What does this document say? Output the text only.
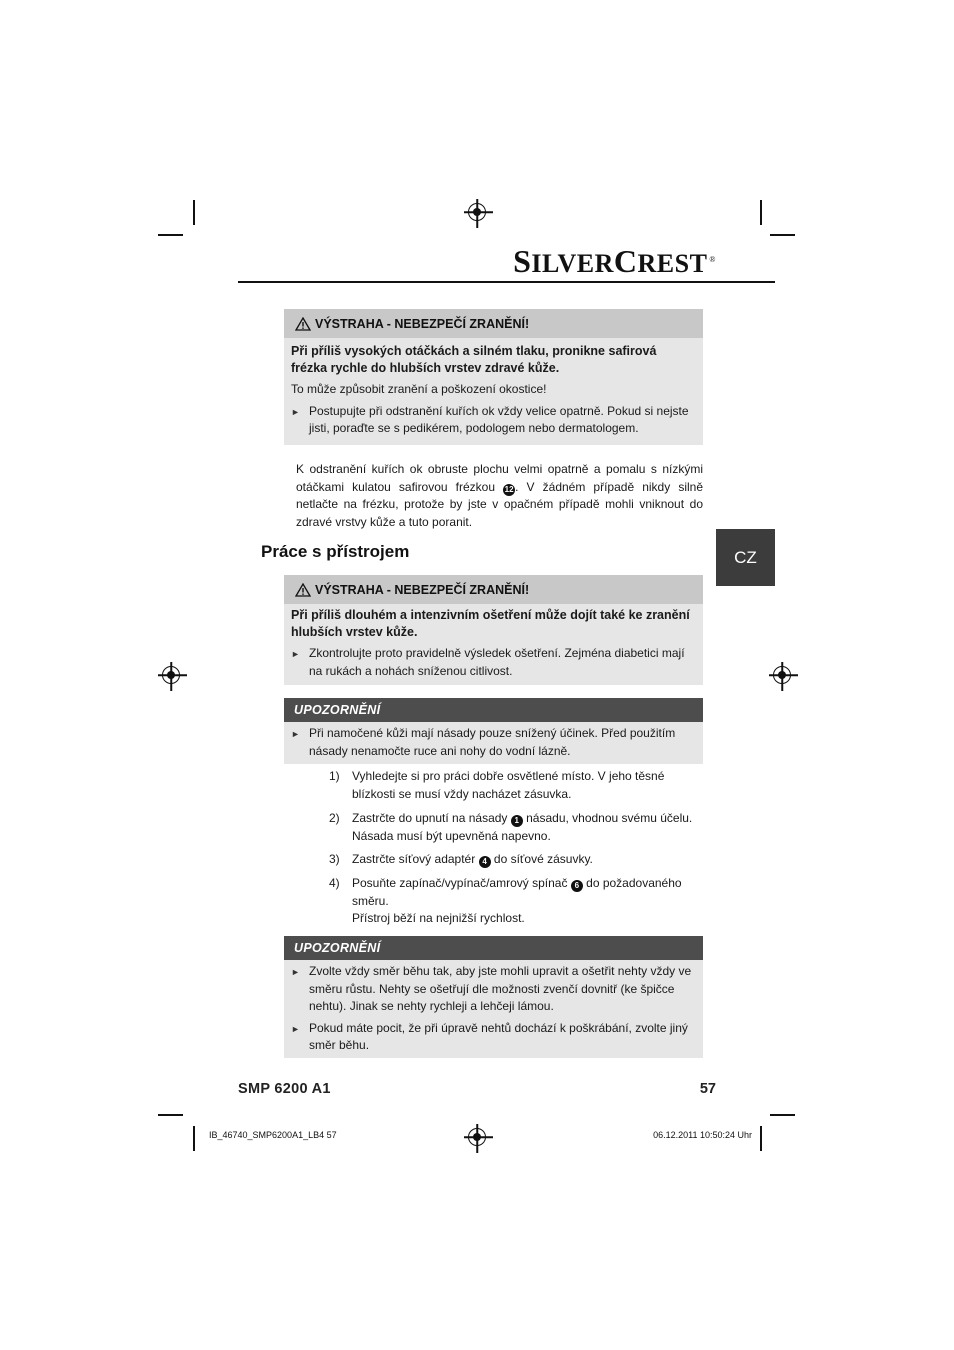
SILVERCREST ®
CZ
VÝSTRAHA - NEBEZPEČÍ ZRANĚNÍ!
Při příliš vysokých otáčkách a silném tlaku, pronikne safirová frézka rychle do hlubších vrstev zdravé kůže.
To může způsobit zranění a poškození okostice!
► Postupujte při odstranění kuřích ok vždy velice opatrně. Pokud si nejste jisti, poraďte se s pedikérem, podologem nebo dermatologem.
K odstranění kuřích ok obruste plochu velmi opatrně a pomalu s nízkými otáčkami kulatou safirovou frézkou 12 . V žádném případě nikdy silně netlačte na frézku, protože by jste v opačném případě mohli vniknout do zdravé vrstvy kůže a tuto poranit.
Práce s přístrojem
VÝSTRAHA - NEBEZPEČÍ ZRANĚNÍ!
Při příliš dlouhém a intenzivním ošetření může dojít také ke zranění hlubších vrstev kůže.
► Zkontrolujte proto pravidelně výsledek ošetření. Zejména diabetici mají na rukách a nohách sníženou citlivost.
UPOZORNĚNÍ
► Při namočené kůži mají násady pouze snížený účinek. Před použitím násady nenamočte ruce ani nohy do vodní lázně.
1)	Vyhledejte si pro práci dobře osvětlené místo. V jeho těsné blízkosti se musí vždy nacházet zásuvka.
2)	Zastrčte do upnutí na násady 1 násadu, vhodnou svému účelu. Násada musí být upevněná napevno.
3)	Zastrčte síťový adaptér 4 do síťové zásuvky.
4)	Posuňte zapínač/vypínač/amrový spínač 6 do požadovaného směru.
Přístroj běží na nejnižší rychlost.
UPOZORNĚNÍ
► Zvolte vždy směr běhu tak, aby jste mohli upravit a ošetřit nehty vždy ve směru růstu. Nehty se ošetřují dle možnosti zvenčí dovnitř (ke špičce nehtu). Jinak se nehty rychleji a lehčeji lámou.
► Pokud máte pocit, že při úpravě nehtů dochází k poškrábání, zvolte jiný směr běhu.
SMP 6200 A1	57
IB_46740_SMP6200A1_LB4 57	06.12.2011 10:50:24 Uhr
